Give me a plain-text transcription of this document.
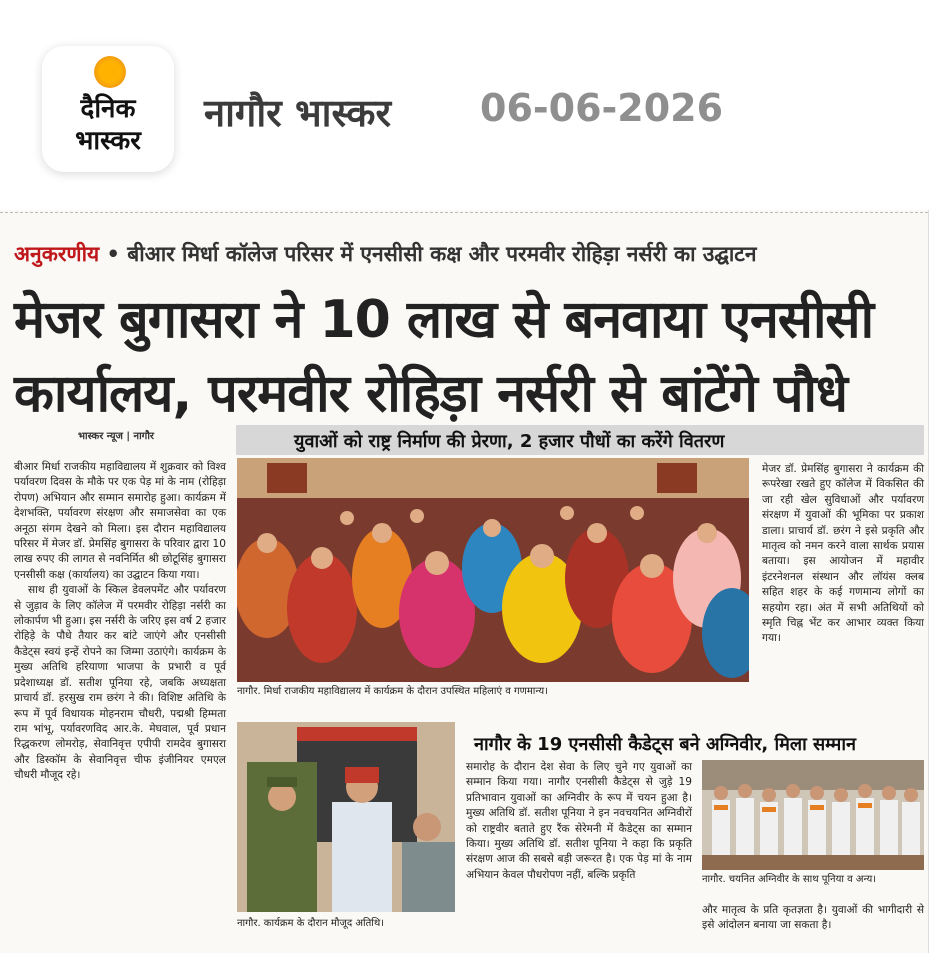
दैनिक
भास्कर
नागौर भास्कर 06-06-2026
अनुकरणीय • बीआर मिर्धा कॉलेज परिसर में एनसीसी कक्ष और परमवीर रोहिड़ा नर्सरी का उद्घाटन
मेजर बुगासरा ने 10 लाख से बनवाया एनसीसी
कार्यालय, परमवीर रोहिड़ा नर्सरी से बांटेंगे पौधे
भास्कर न्यूज | नागौर	युवाओं को राष्ट्र निर्माण की प्रेरणा, 2 हजार पौधों का करेंगे वितरण

बीआर मिर्धा राजकीय महाविद्यालय में शुक्रवार को विश्व पर्यावरण दिवस के मौके पर एक पेड़ मां के नाम (रोहिड़ा रोपण) अभियान और सम्मान समारोह हुआ। कार्यक्रम में देशभक्ति, पर्यावरण संरक्षण और समाजसेवा का एक अनूठा संगम देखने को मिला। इस दौरान महाविद्यालय परिसर में मेजर डॉ. प्रेमसिंह बुगासरा के परिवार द्वारा 10 लाख रुपए की लागत से नवनिर्मित श्री छोटूसिंह बुगासरा एनसीसी कक्ष (कार्यालय) का उद्घाटन किया गया।

साथ ही युवाओं के स्किल डेवलपमेंट और पर्यावरण से जुड़ाव के लिए कॉलेज में परमवीर रोहिड़ा नर्सरी का लोकार्पण भी हुआ। इस नर्सरी के जरिए इस वर्ष 2 हजार रोहिड़े के पौधे तैयार कर बांटे जाएंगे और एनसीसी कैडेट्स स्वयं इन्हें रोपने का जिम्मा उठाएंगे। कार्यक्रम के मुख्य अतिथि हरियाणा भाजपा के प्रभारी व पूर्व प्रदेशाध्यक्ष डॉ. सतीश पूनिया रहे, जबकि अध्यक्षता प्राचार्य डॉ. हरसुख राम छरंग ने की। विशिष्ट अतिथि के रूप में पूर्व विधायक मोहनराम चौधरी, पद्मश्री हिम्मता राम भांभू, पर्यावरणविद आर.के. मेघवाल, पूर्व प्रधान रिद्धकरण लोमरोड़, सेवानिवृत्त एपीपी रामदेव बुगासरा और डिस्कॉम के सेवानिवृत्त चीफ इंजीनियर एमएल चौधरी मौजूद रहे।

नागौर. मिर्धा राजकीय महाविद्यालय में कार्यक्रम के दौरान उपस्थित महिलाएं व गणमान्य।

मेजर डॉ. प्रेमसिंह बुगासरा ने कार्यक्रम की रूपरेखा रखते हुए कॉलेज में विकसित की जा रही खेल सुविधाओं और पर्यावरण संरक्षण में युवाओं की भूमिका पर प्रकाश डाला। प्राचार्य डॉ. छरंग ने इसे प्रकृति और मातृत्व को नमन करने वाला सार्थक प्रयास बताया। इस आयोजन में महावीर इंटरनेशनल संस्थान और लॉयंस क्लब सहित शहर के कई गणमान्य लोगों का सहयोग रहा। अंत में सभी अतिथियों को स्मृति चिह्न भेंट कर आभार व्यक्त किया गया।

नागौर. कार्यक्रम के दौरान मौजूद अतिथि।
नागौर के 19 एनसीसी कैडेट्स बने अग्निवीर, मिला सम्मान

समारोह के दौरान देश सेवा के लिए चुने गए युवाओं का सम्मान किया गया। नागौर एनसीसी कैडेट्स से जुड़े 19 प्रतिभावान युवाओं का अग्निवीर के रूप में चयन हुआ है। मुख्य अतिथि डॉ. सतीश पूनिया ने इन नवचयनित अग्निवीरों को राष्ट्रवीर बताते हुए रैंक सेरेमनी में कैडेट्स का सम्मान किया। मुख्य अतिथि डॉ. सतीश पूनिया ने कहा कि प्रकृति संरक्षण आज की सबसे बड़ी जरूरत है। एक पेड़ मां के नाम अभियान केवल पौधरोपण नहीं, बल्कि प्रकृति	नागौर. चयनित अग्निवीर के साथ पूनिया व अन्य।

और मातृत्व के प्रति कृतज्ञता है। युवाओं की भागीदारी से इसे आंदोलन बनाया जा सकता है।
